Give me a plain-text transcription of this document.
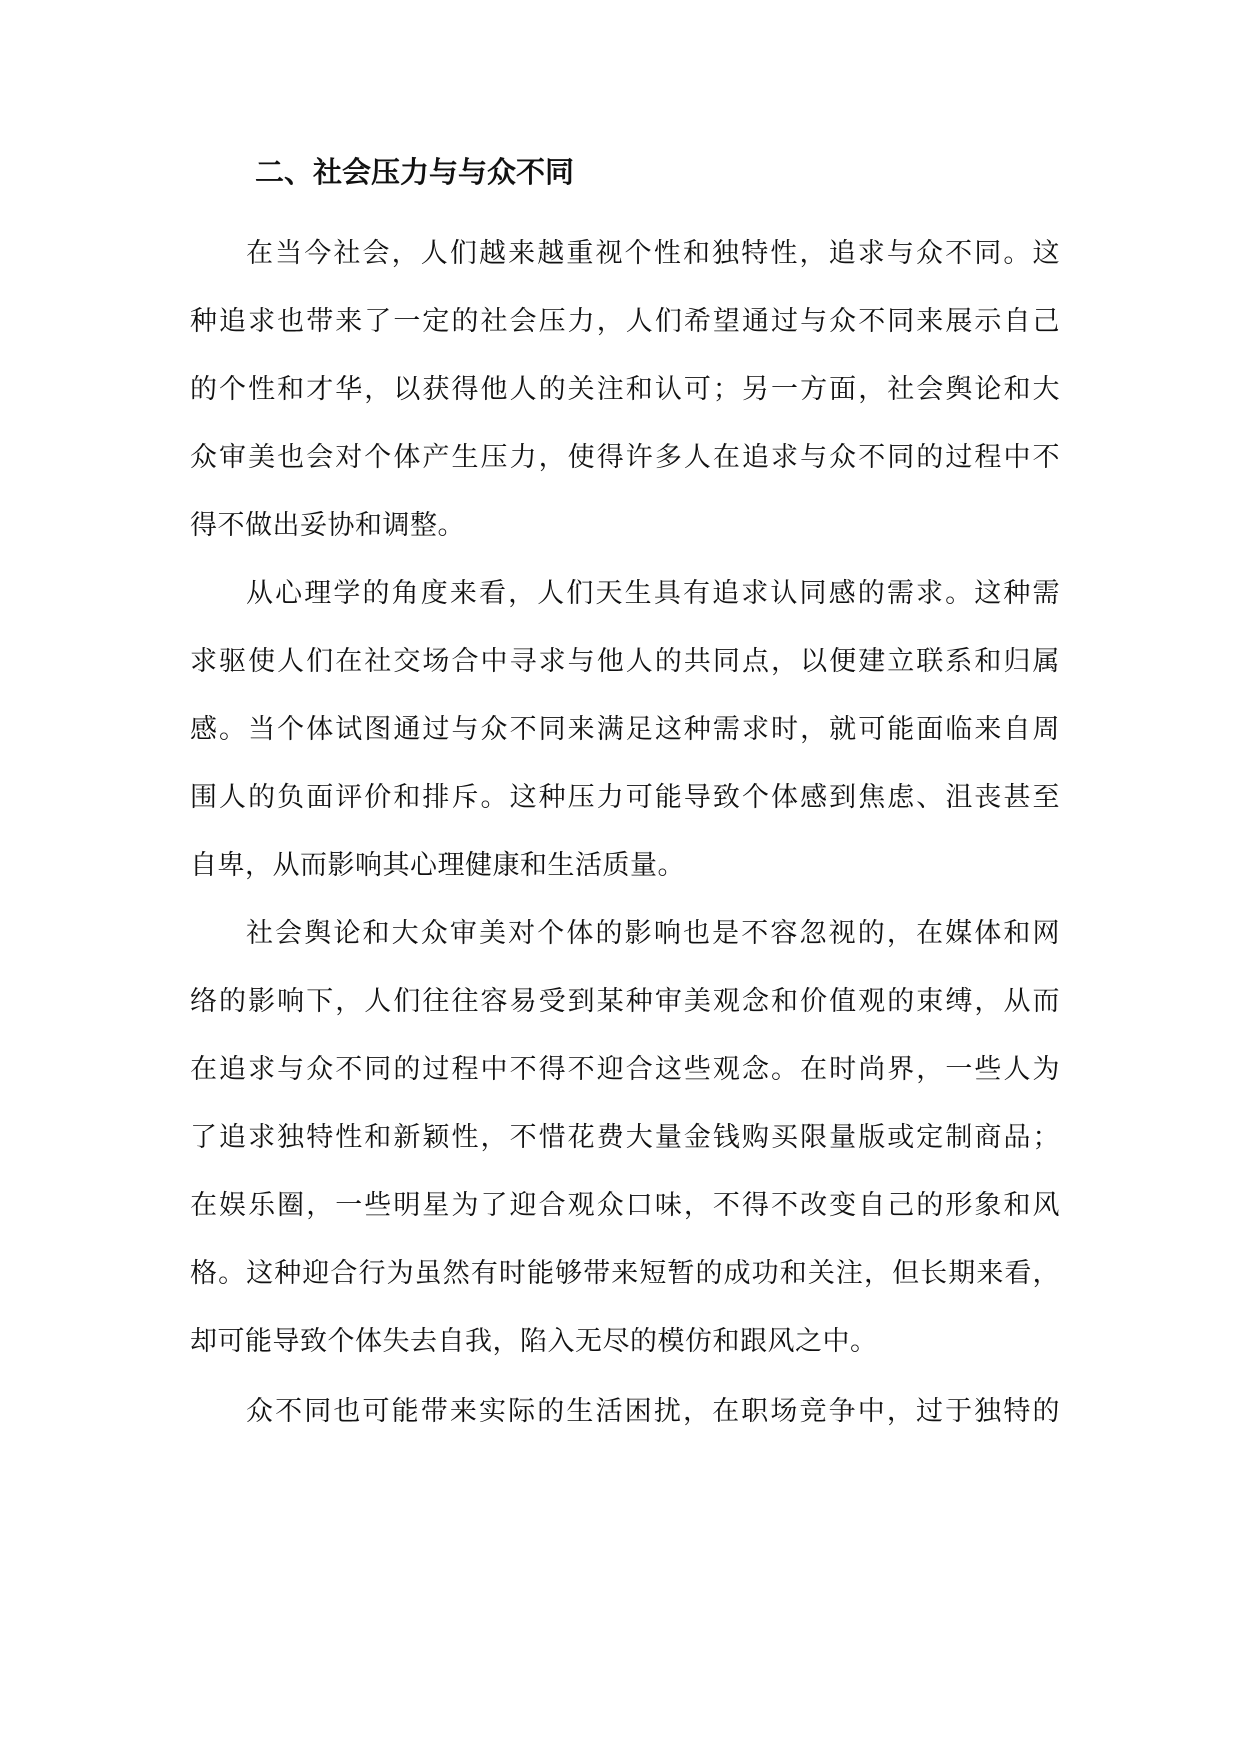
二、社会压力与与众不同
在当今社会，人们越来越重视个性和独特性，追求与众不同。这
种追求也带来了一定的社会压力，人们希望通过与众不同来展示自己
的个性和才华，以获得他人的关注和认可；另一方面，社会舆论和大
众审美也会对个体产生压力，使得许多人在追求与众不同的过程中不
得不做出妥协和调整。
从心理学的角度来看，人们天生具有追求认同感的需求。这种需
求驱使人们在社交场合中寻求与他人的共同点，以便建立联系和归属
感。当个体试图通过与众不同来满足这种需求时，就可能面临来自周
围人的负面评价和排斥。这种压力可能导致个体感到焦虑、沮丧甚至
自卑，从而影响其心理健康和生活质量。
社会舆论和大众审美对个体的影响也是不容忽视的，在媒体和网
络的影响下，人们往往容易受到某种审美观念和价值观的束缚，从而
在追求与众不同的过程中不得不迎合这些观念。在时尚界，一些人为
了追求独特性和新颖性，不惜花费大量金钱购买限量版或定制商品；
在娱乐圈，一些明星为了迎合观众口味，不得不改变自己的形象和风
格。这种迎合行为虽然有时能够带来短暂的成功和关注，但长期来看，
却可能导致个体失去自我，陷入无尽的模仿和跟风之中。
众不同也可能带来实际的生活困扰，在职场竞争中，过于独特的
